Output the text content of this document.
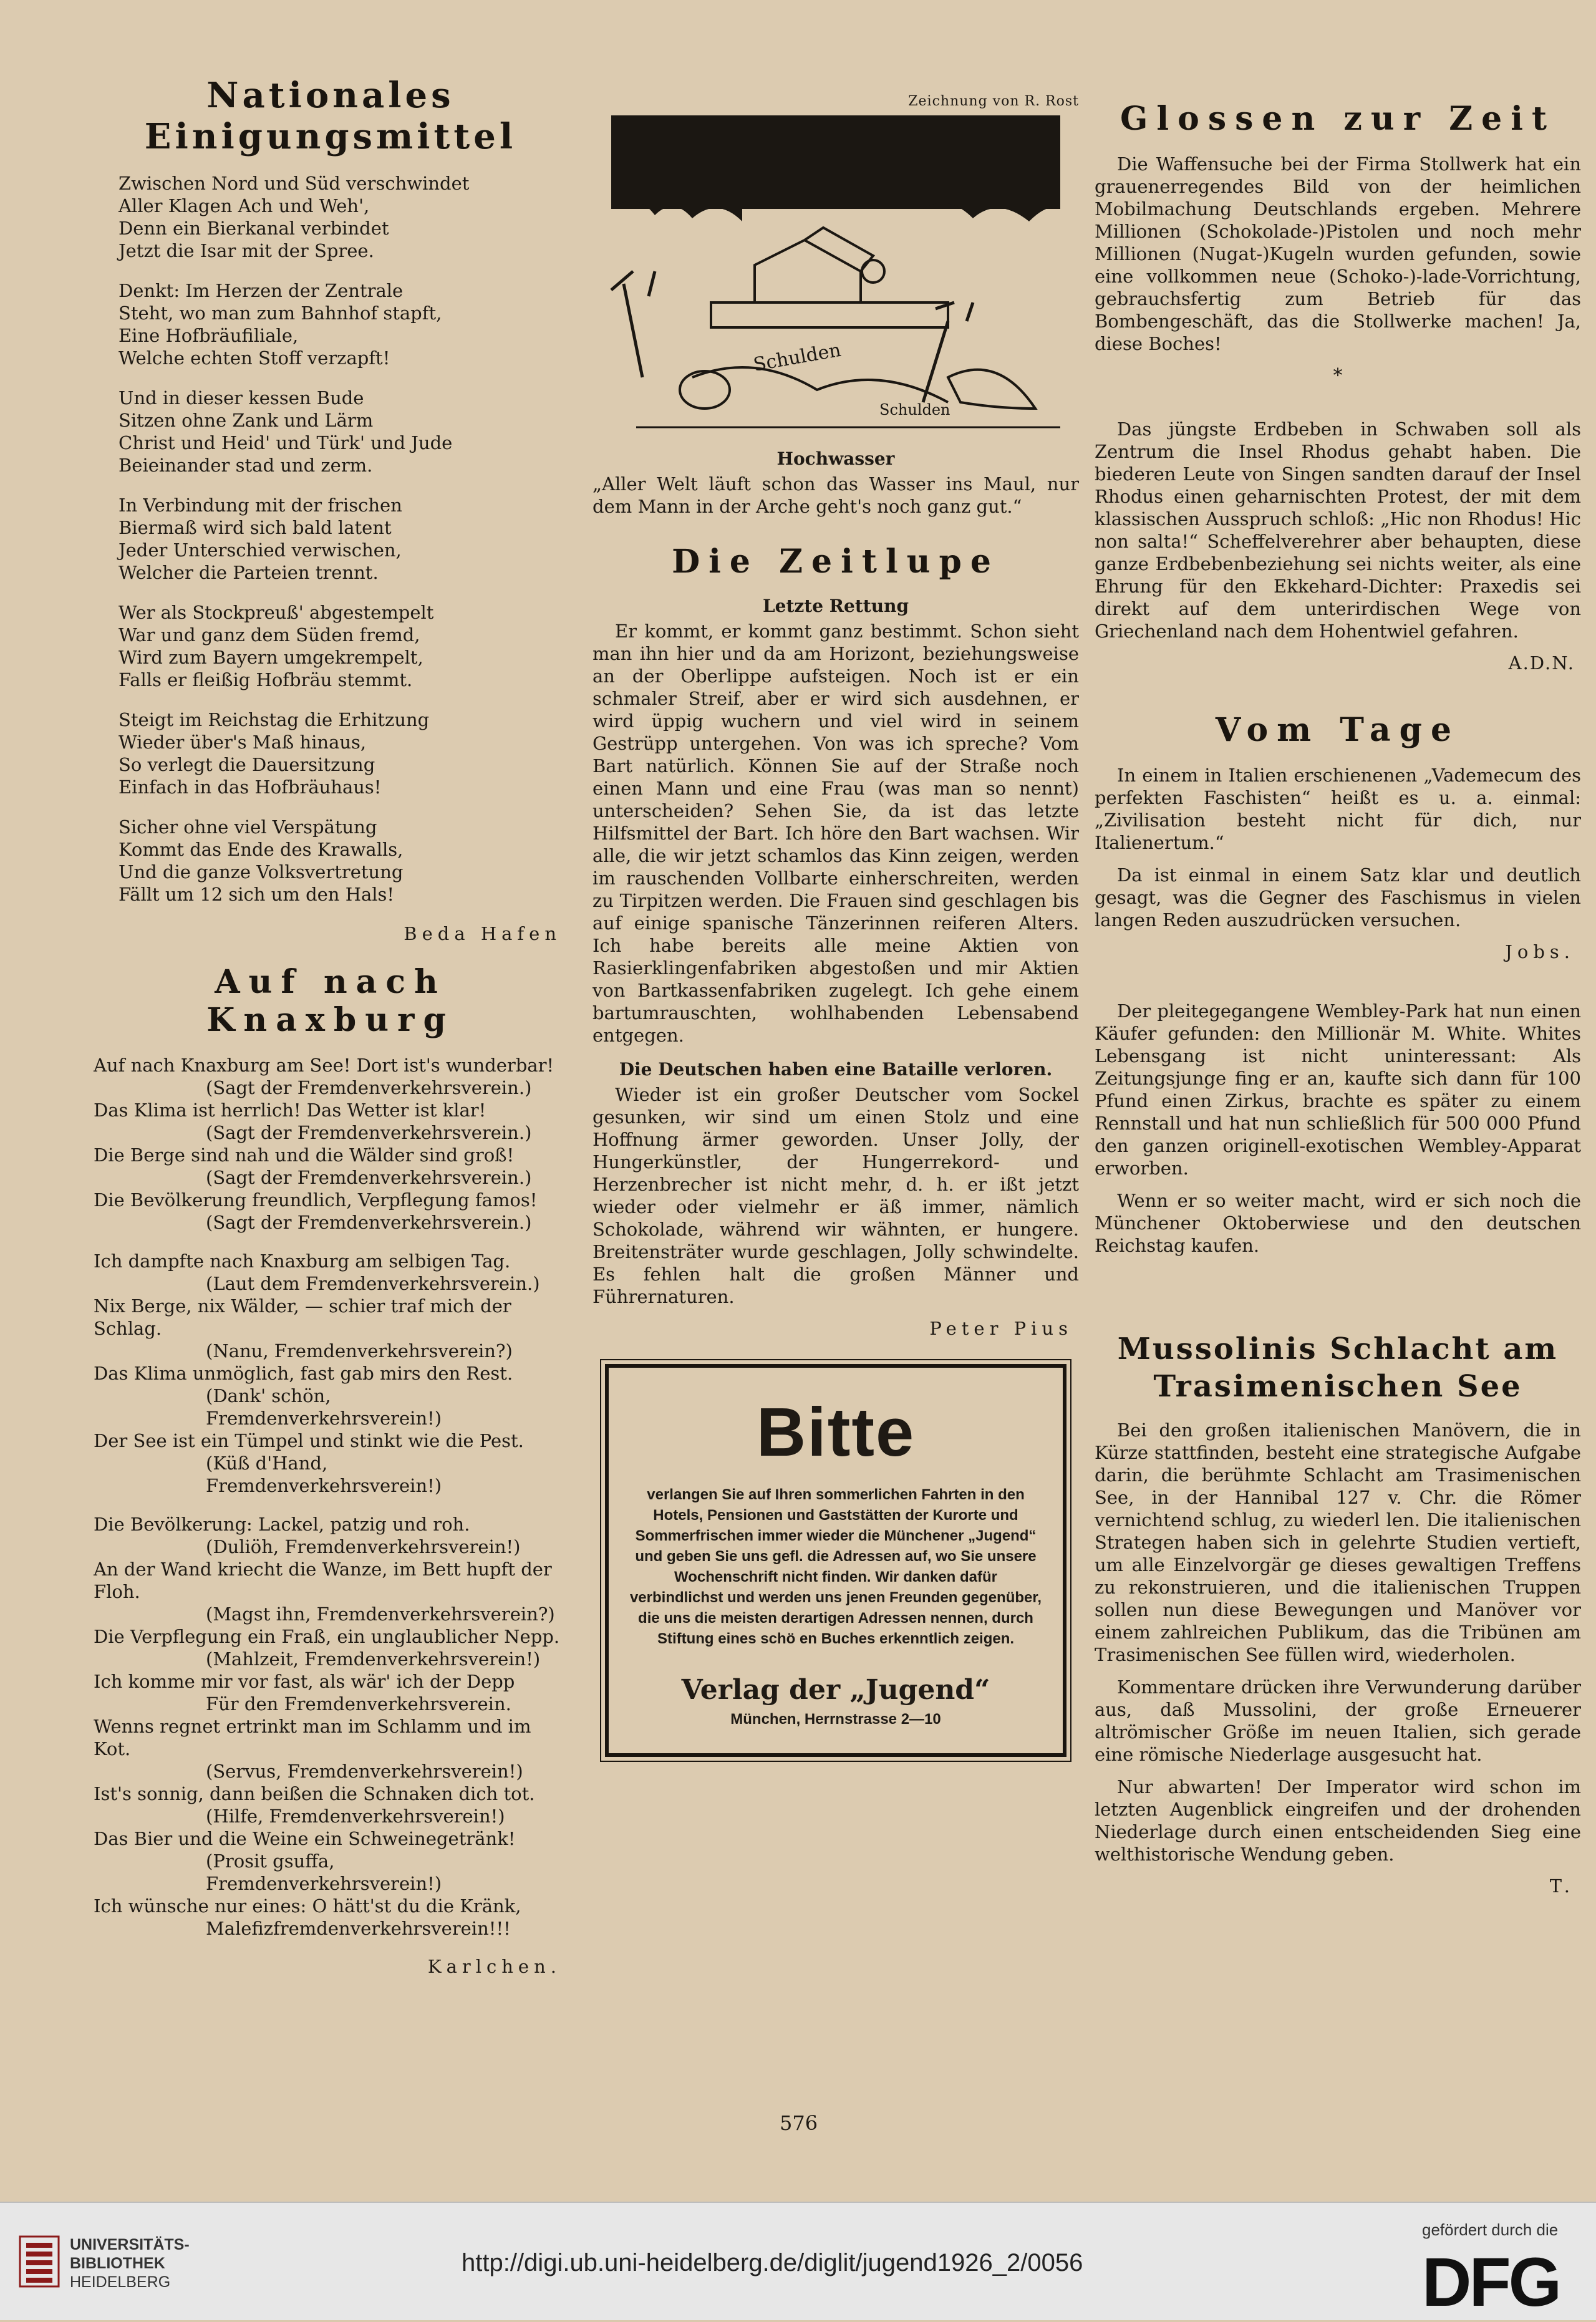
Nationales Einigungsmittel
Zwischen Nord und Süd verschwindet
Aller Klagen Ach und Weh',
Denn ein Bierkanal verbindet
Jetzt die Isar mit der Spree.
Denkt: Im Herzen der Zentrale
Steht, wo man zum Bahnhof stapft,
Eine Hofbräufiliale,
Welche echten Stoff verzapft!
Und in dieser kessen Bude
Sitzen ohne Zank und Lärm
Christ und Heid' und Türk' und Jude
Beieinander stad und zerm.
In Verbindung mit der frischen
Biermaß wird sich bald latent
Jeder Unterschied verwischen,
Welcher die Parteien trennt.
Wer als Stockpreuß' abgestempelt
War und ganz dem Süden fremd,
Wird zum Bayern umgekrempelt,
Falls er fleißig Hofbräu stemmt.
Steigt im Reichstag die Erhitzung
Wieder über's Maß hinaus,
So verlegt die Dauersitzung
Einfach in das Hofbräuhaus!
Sicher ohne viel Verspätung
Kommt das Ende des Krawalls,
Und die ganze Volksvertretung
Fällt um 12 sich um den Hals!
Beda Hafen
Auf nach Knaxburg
Auf nach Knaxburg am See! Dort ist's wunderbar!
(Sagt der Fremdenverkehrsverein.)
Das Klima ist herrlich! Das Wetter ist klar!
(Sagt der Fremdenverkehrsverein.)
Die Berge sind nah und die Wälder sind groß!
(Sagt der Fremdenverkehrsverein.)
Die Bevölkerung freundlich, Verpflegung famos!
(Sagt der Fremdenverkehrsverein.)
Ich dampfte nach Knaxburg am selbigen Tag.
(Laut dem Fremdenverkehrsverein.)
Nix Berge, nix Wälder, — schier traf mich der Schlag.
(Nanu, Fremdenverkehrsverein?)
Das Klima unmöglich, fast gab mirs den Rest.
(Dank' schön, Fremdenverkehrsverein!)
Der See ist ein Tümpel und stinkt wie die Pest.
(Küß d'Hand, Fremdenverkehrsverein!)
Die Bevölkerung: Lackel, patzig und roh.
(Duliöh, Fremdenverkehrsverein!)
An der Wand kriecht die Wanze, im Bett hupft der Floh.
(Magst ihn, Fremdenverkehrsverein?)
Die Verpflegung ein Fraß, ein unglaublicher Nepp.
(Mahlzeit, Fremdenverkehrsverein!)
Ich komme mir vor fast, als wär' ich der Depp
Für den Fremdenverkehrsverein.
Wenns regnet ertrinkt man im Schlamm und im Kot.
(Servus, Fremdenverkehrsverein!)
Ist's sonnig, dann beißen die Schnaken dich tot.
(Hilfe, Fremdenverkehrsverein!)
Das Bier und die Weine ein Schweinegetränk!
(Prosit gsuffa, Fremdenverkehrsverein!)
Ich wünsche nur eines: O hätt'st du die Kränk,
Malefizfremdenverkehrsverein!!!
Karlchen.
Zeichnung von R. Rost
Schulden
Schulden
Hochwasser
„Aller Welt läuft schon das Wasser ins Maul, nur dem Mann in der Arche geht's noch ganz gut.“
Die Zeitlupe
Letzte Rettung

Er kommt, er kommt ganz bestimmt. Schon sieht man ihn hier und da am Horizont, beziehungsweise an der Oberlippe aufsteigen. Noch ist er ein schmaler Streif, aber er wird sich ausdehnen, er wird üppig wuchern und viel wird in seinem Gestrüpp untergehen. Von was ich spreche? Vom Bart natürlich. Können Sie auf der Straße noch einen Mann und eine Frau (was man so nennt) unterscheiden? Sehen Sie, da ist das letzte Hilfsmittel der Bart. Ich höre den Bart wachsen. Wir alle, die wir jetzt schamlos das Kinn zeigen, werden im rauschenden Vollbarte einherschreiten, werden zu Tirpitzen werden. Die Frauen sind geschlagen bis auf einige spanische Tänzerinnen reiferen Alters. Ich habe bereits alle meine Aktien von Rasierklingenfabriken abgestoßen und mir Aktien von Bartkassenfabriken zugelegt. Ich gehe einem bartumrauschten, wohlhabenden Lebensabend entgegen.

Die Deutschen haben eine Bataille verloren.

Wieder ist ein großer Deutscher vom Sockel gesunken, wir sind um einen Stolz und eine Hoffnung ärmer geworden. Unser Jolly, der Hungerkünstler, der Hungerrekord- und Herzenbrecher ist nicht mehr, d. h. er ißt jetzt wieder oder vielmehr er äß immer, nämlich Schokolade, während wir wähnten, er hungere. Breitensträter wurde geschlagen, Jolly schwindelte. Es fehlen halt die großen Männer und Führernaturen.

Peter Pius
Bitte
verlangen Sie auf Ihren sommerlichen Fahrten in den Hotels, Pensionen und Gaststätten der Kurorte und Sommerfrischen immer wieder die Münchener „Jugend“ und geben Sie uns gefl. die Adressen auf, wo Sie unsere Wochenschrift nicht finden. Wir danken dafür verbindlichst und werden uns jenen Freunden gegenüber, die uns die meisten derartigen Adressen nennen, durch Stiftung eines schö en Buches erkenntlich zeigen.
Verlag der „Jugend“
München, Herrnstrasse 2—10
Glossen zur Zeit

Die Waffensuche bei der Firma Stollwerk hat ein grauenerregendes Bild von der heimlichen Mobilmachung Deutschlands ergeben. Mehrere Millionen (Schokolade-)Pistolen und noch mehr Millionen (Nugat-)Kugeln wurden gefunden, sowie eine vollkommen neue (Schoko-)-lade-Vorrichtung, gebrauchsfertig zum Betrieb für das Bombengeschäft, das die Stollwerke machen! Ja, diese Boches!

*

Das jüngste Erdbeben in Schwaben soll als Zentrum die Insel Rhodus gehabt haben. Die biederen Leute von Singen sandten darauf der Insel Rhodus einen geharnischten Protest, der mit dem klassischen Ausspruch schloß: „Hic non Rhodus! Hic non salta!“ Scheffelverehrer aber behaupten, diese ganze Erdbebenbeziehung sei nichts weiter, als eine Ehrung für den Ekkehard-Dichter: Praxedis sei direkt auf dem unterirdischen Wege von Griechenland nach dem Hohentwiel gefahren.

A.D.N.
Vom Tage

In einem in Italien erschienenen „Vademecum des perfekten Faschisten“ heißt es u. a. einmal: „Zivilisation besteht nicht für dich, nur Italienertum.“

Da ist einmal in einem Satz klar und deutlich gesagt, was die Gegner des Faschismus in vielen langen Reden auszudrücken versuchen.

Jobs.

Der pleitegegangene Wembley-Park hat nun einen Käufer gefunden: den Millionär M. White. Whites Lebensgang ist nicht uninteressant: Als Zeitungsjunge fing er an, kaufte sich dann für 100 Pfund einen Zirkus, brachte es später zu einem Rennstall und hat nun schließlich für 500 000 Pfund den ganzen originell-exotischen Wembley-Apparat erworben.

Wenn er so weiter macht, wird er sich noch die Münchener Oktoberwiese und den deutschen Reichstag kaufen.

Mussolinis Schlacht am
Trasimenischen See

Bei den großen italienischen Manövern, die in Kürze stattfinden, besteht eine strategische Aufgabe darin, die berühmte Schlacht am Trasimenischen See, in der Hannibal 127 v. Chr. die Römer vernichtend schlug, zu wiederl len. Die italienischen Strategen haben sich in gelehrte Studien vertieft, um alle Einzelvorgär ge dieses gewaltigen Treffens zu rekonstruieren, und die italienischen Truppen sollen nun diese Bewegungen und Manöver vor einem zahlreichen Publikum, das die Tribünen am Trasimenischen See füllen wird, wiederholen.

Kommentare drücken ihre Verwunderung darüber aus, daß Mussolini, der große Erneuerer altrömischer Größe im neuen Italien, sich gerade eine römische Niederlage ausgesucht hat.

Nur abwarten! Der Imperator wird schon im letzten Augenblick eingreifen und der drohenden Niederlage durch einen entscheidenden Sieg eine welthistorische Wendung geben.

T.
576
UNIVERSITÄTS-
BIBLIOTHEK
HEIDELBERG
http://digi.ub.uni-heidelberg.de/diglit/jugend1926_2/0056
gefördert durch die
DFG
